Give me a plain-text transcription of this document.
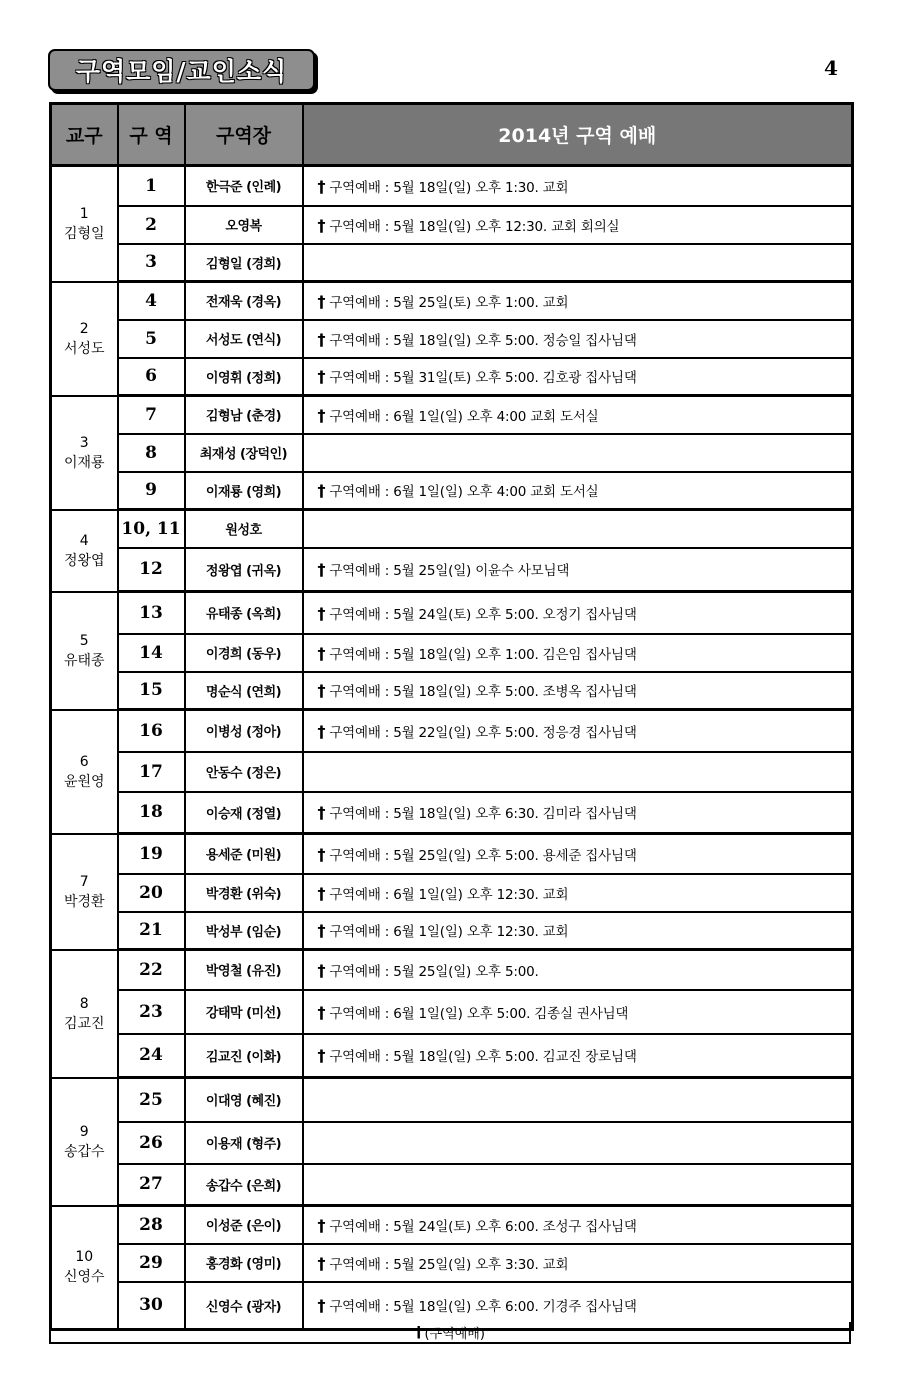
구역모임/교인소식	4
교구	구 역	구역장	2014년 구역 예배

1
김형일	1	한극준 (인례)	† 구역예배 : 5월 18일(일) 오후 1:30. 교회
	2	오영복	† 구역예배 : 5월 18일(일) 오후 12:30. 교회 회의실
	3	김형일 (경희)	

2
서성도	4	전재욱 (경옥)	† 구역예배 : 5월 25일(토) 오후 1:00. 교회
	5	서성도 (연식)	† 구역예배 : 5월 18일(일) 오후 5:00. 정승일 집사님댁
	6	이영휘 (정희)	† 구역예배 : 5월 31일(토) 오후 5:00. 김호광 집사님댁

3
이재룡	7	김형남 (춘경)	† 구역예배 : 6월 1일(일) 오후 4:00 교회 도서실
	8	최재성 (장덕인)	
	9	이재룡 (영희)	† 구역예배 : 6월 1일(일) 오후 4:00 교회 도서실

4
정왕엽	10, 11	원성호	
	12	정왕엽 (귀옥)	† 구역예배 : 5월 25일(일) 이윤수 사모님댁

5
유태종	13	유태종 (옥희)	† 구역예배 : 5월 24일(토) 오후 5:00. 오정기 집사님댁
	14	이경희 (동우)	† 구역예배 : 5월 18일(일) 오후 1:00. 김은임 집사님댁
	15	명순식 (연희)	† 구역예배 : 5월 18일(일) 오후 5:00. 조병옥 집사님댁

6
윤원영	16	이병성 (정아)	† 구역예배 : 5월 22일(일) 오후 5:00. 정응경 집사님댁
	17	안동수 (정은)	
	18	이승재 (정열)	† 구역예배 : 5월 18일(일) 오후 6:30. 김미라 집사님댁

7
박경환	19	용세준 (미원)	† 구역예배 : 5월 25일(일) 오후 5:00. 용세준 집사님댁
	20	박경환 (위숙)	† 구역예배 : 6월 1일(일) 오후 12:30. 교회
	21	박성부 (임순)	† 구역예배 : 6월 1일(일) 오후 12:30. 교회

8
김교진	22	박영철 (유진)	† 구역예배 : 5월 25일(일) 오후 5:00.
	23	강태막 (미선)	† 구역예배 : 6월 1일(일) 오후 5:00. 김종실 권사님댁
	24	김교진 (이화)	† 구역예배 : 5월 18일(일) 오후 5:00. 김교진 장로님댁

9
송갑수	25	이대영 (혜진)	
	26	이용재 (형주)	
	27	송갑수 (은희)	

10
신영수	28	이성준 (은이)	† 구역예배 : 5월 24일(토) 오후 6:00. 조성구 집사님댁
	29	홍경화 (영미)	† 구역예배 : 5월 25일(일) 오후 3:30. 교회
	30	신영수 (광자)	† 구역예배 : 5월 18일(일) 오후 6:00. 기경주 집사님댁
† (구역예배)
